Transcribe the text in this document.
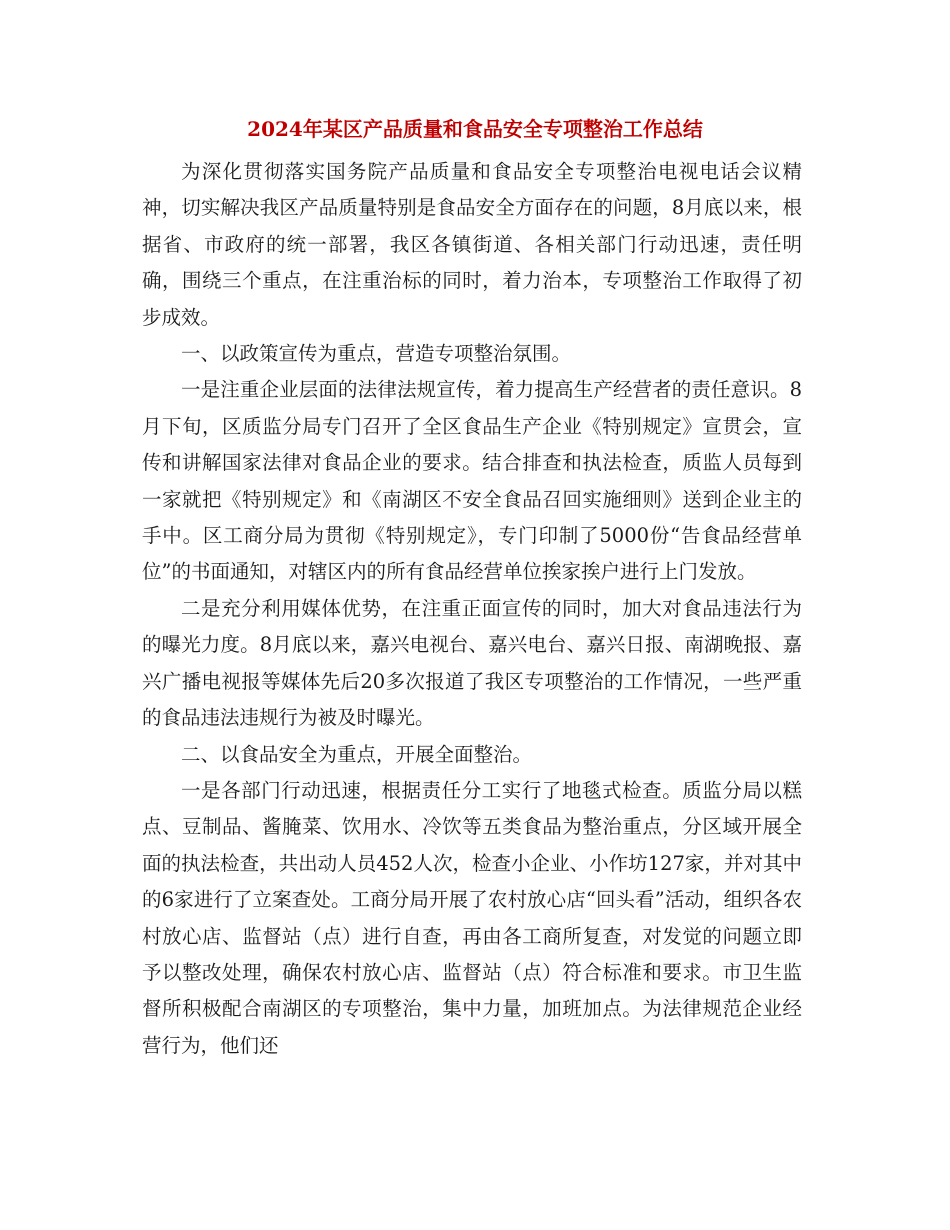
2024年某区产品质量和食品安全专项整治工作总结

为深化贯彻落实国务院产品质量和食品安全专项整治电视电话会议精神，切实解决我区产品质量特别是食品安全方面存在的问题，8月底以来，根据省、市政府的统一部署，我区各镇街道、各相关部门行动迅速，责任明确，围绕三个重点，在注重治标的同时，着力治本，专项整治工作取得了初步成效。

一、以政策宣传为重点，营造专项整治氛围。

一是注重企业层面的法律法规宣传，着力提高生产经营者的责任意识。8月下旬，区质监分局专门召开了全区食品生产企业《特别规定》宣贯会，宣传和讲解国家法律对食品企业的要求。结合排查和执法检查，质监人员每到一家就把《特别规定》和《南湖区不安全食品召回实施细则》送到企业主的手中。区工商分局为贯彻《特别规定》，专门印制了5000份“告食品经营单位”的书面通知，对辖区内的所有食品经营单位挨家挨户进行上门发放。

二是充分利用媒体优势，在注重正面宣传的同时，加大对食品违法行为的曝光力度。8月底以来，嘉兴电视台、嘉兴电台、嘉兴日报、南湖晚报、嘉兴广播电视报等媒体先后20多次报道了我区专项整治的工作情况，一些严重的食品违法违规行为被及时曝光。

二、以食品安全为重点，开展全面整治。

一是各部门行动迅速，根据责任分工实行了地毯式检查。质监分局以糕点、豆制品、酱腌菜、饮用水、冷饮等五类食品为整治重点，分区域开展全面的执法检查，共出动人员452人次，检查小企业、小作坊127家，并对其中的6家进行了立案查处。工商分局开展了农村放心店“回头看”活动，组织各农村放心店、监督站（点）进行自查，再由各工商所复查，对发觉的问题立即予以整改处理，确保农村放心店、监督站（点）符合标准和要求。市卫生监督所积极配合南湖区的专项整治，集中力量，加班加点。为法律规范企业经营行为，他们还
